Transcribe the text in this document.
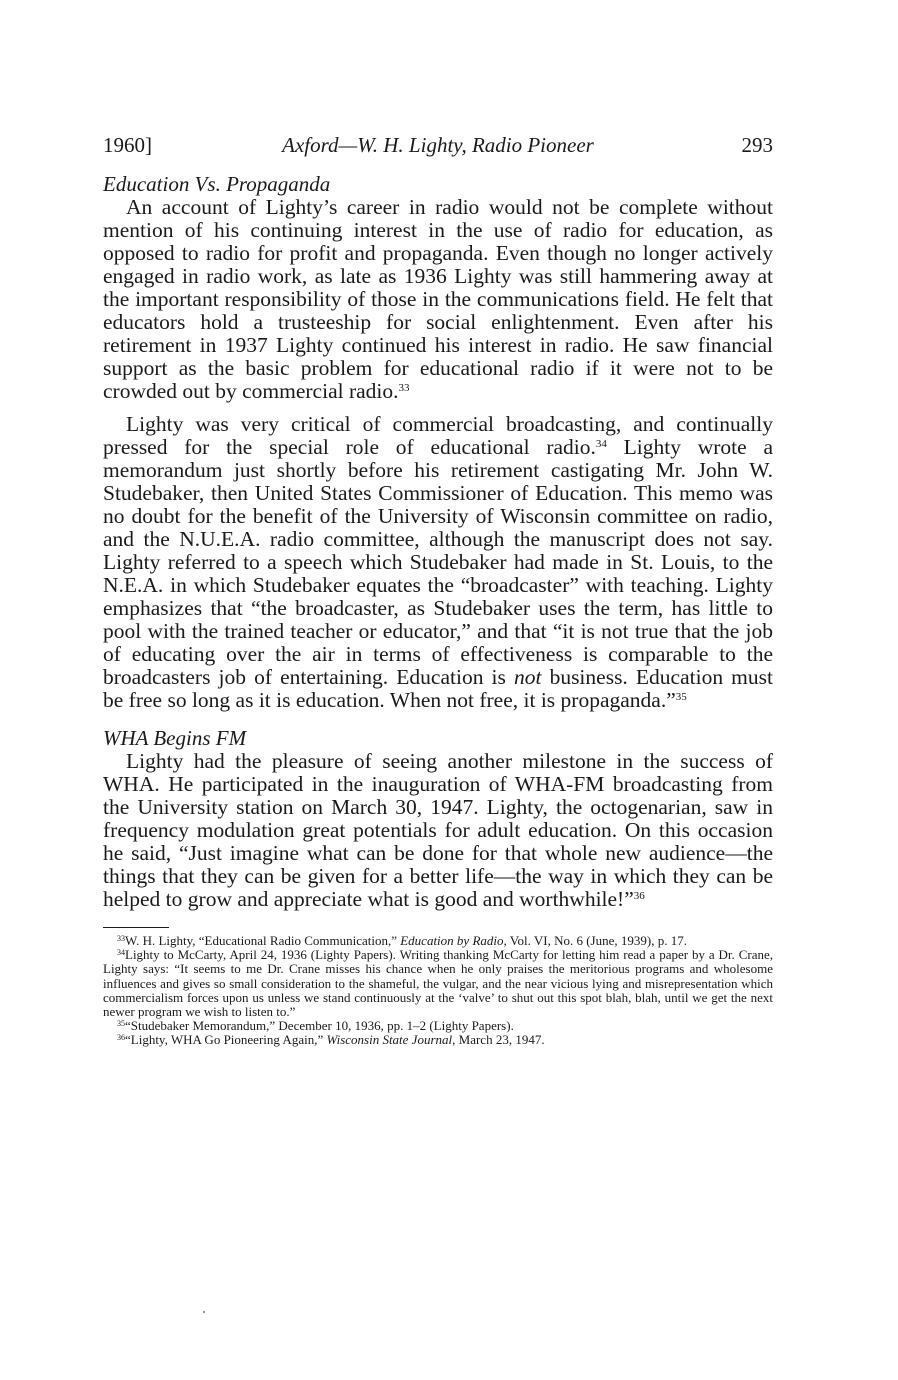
1960]	Axford—W. H. Lighty, Radio Pioneer	293
Education Vs. Propaganda

An account of Lighty’s career in radio would not be complete without mention of his continuing interest in the use of radio for education, as opposed to radio for profit and propaganda. Even though no longer actively engaged in radio work, as late as 1936 Lighty was still hammering away at the important responsibility of those in the communications field. He felt that educators hold a trusteeship for social enlightenment. Even after his retirement in 1937 Lighty continued his interest in radio. He saw financial support as the basic problem for educational radio if it were not to be crowded out by commercial radio.$^{33}$

Lighty was very critical of commercial broadcasting, and continually pressed for the special role of educational radio.$^{34}$ Lighty wrote a memorandum just shortly before his retirement castigating Mr. John W. Studebaker, then United States Commissioner of Education. This memo was no doubt for the benefit of the University of Wisconsin committee on radio, and the N.U.E.A. radio committee, although the manuscript does not say. Lighty referred to a speech which Studebaker had made in St. Louis, to the N.E.A. in which Studebaker equates the “broadcaster” with teaching. Lighty emphasizes that “the broadcaster, as Studebaker uses the term, has little to pool with the trained teacher or educator,” and that “it is not true that the job of educating over the air in terms of effectiveness is comparable to the broadcasters job of entertaining. Education is not business. Education must be free so long as it is education. When not free, it is propaganda.”$^{35}$

WHA Begins FM

Lighty had the pleasure of seeing another milestone in the success of WHA. He participated in the inauguration of WHA-FM broadcasting from the University station on March 30, 1947. Lighty, the octogenarian, saw in frequency modulation great potentials for adult education. On this occasion he said, “Just imagine what can be done for that whole new audience—the things that they can be given for a better life—the way in which they can be helped to grow and appreciate what is good and worthwhile!”$^{36}$

$^{33}$W. H. Lighty, “Educational Radio Communication,” Education by Radio, Vol. VI, No. 6 (June, 1939), p. 17.

$^{34}$Lighty to McCarty, April 24, 1936 (Lighty Papers). Writing thanking McCarty for letting him read a paper by a Dr. Crane, Lighty says: “It seems to me Dr. Crane misses his chance when he only praises the meritorious programs and wholesome influences and gives so small consideration to the shameful, the vulgar, and the near vicious lying and misrepresentation which commercialism forces upon us unless we stand continuously at the ‘valve’ to shut out this spot blah, blah, until we get the next newer program we wish to listen to.”

$^{35}$“Studebaker Memorandum,” December 10, 1936, pp. 1–2 (Lighty Papers).

$^{36}$“Lighty, WHA Go Pioneering Again,” Wisconsin State Journal, March 23, 1947.
